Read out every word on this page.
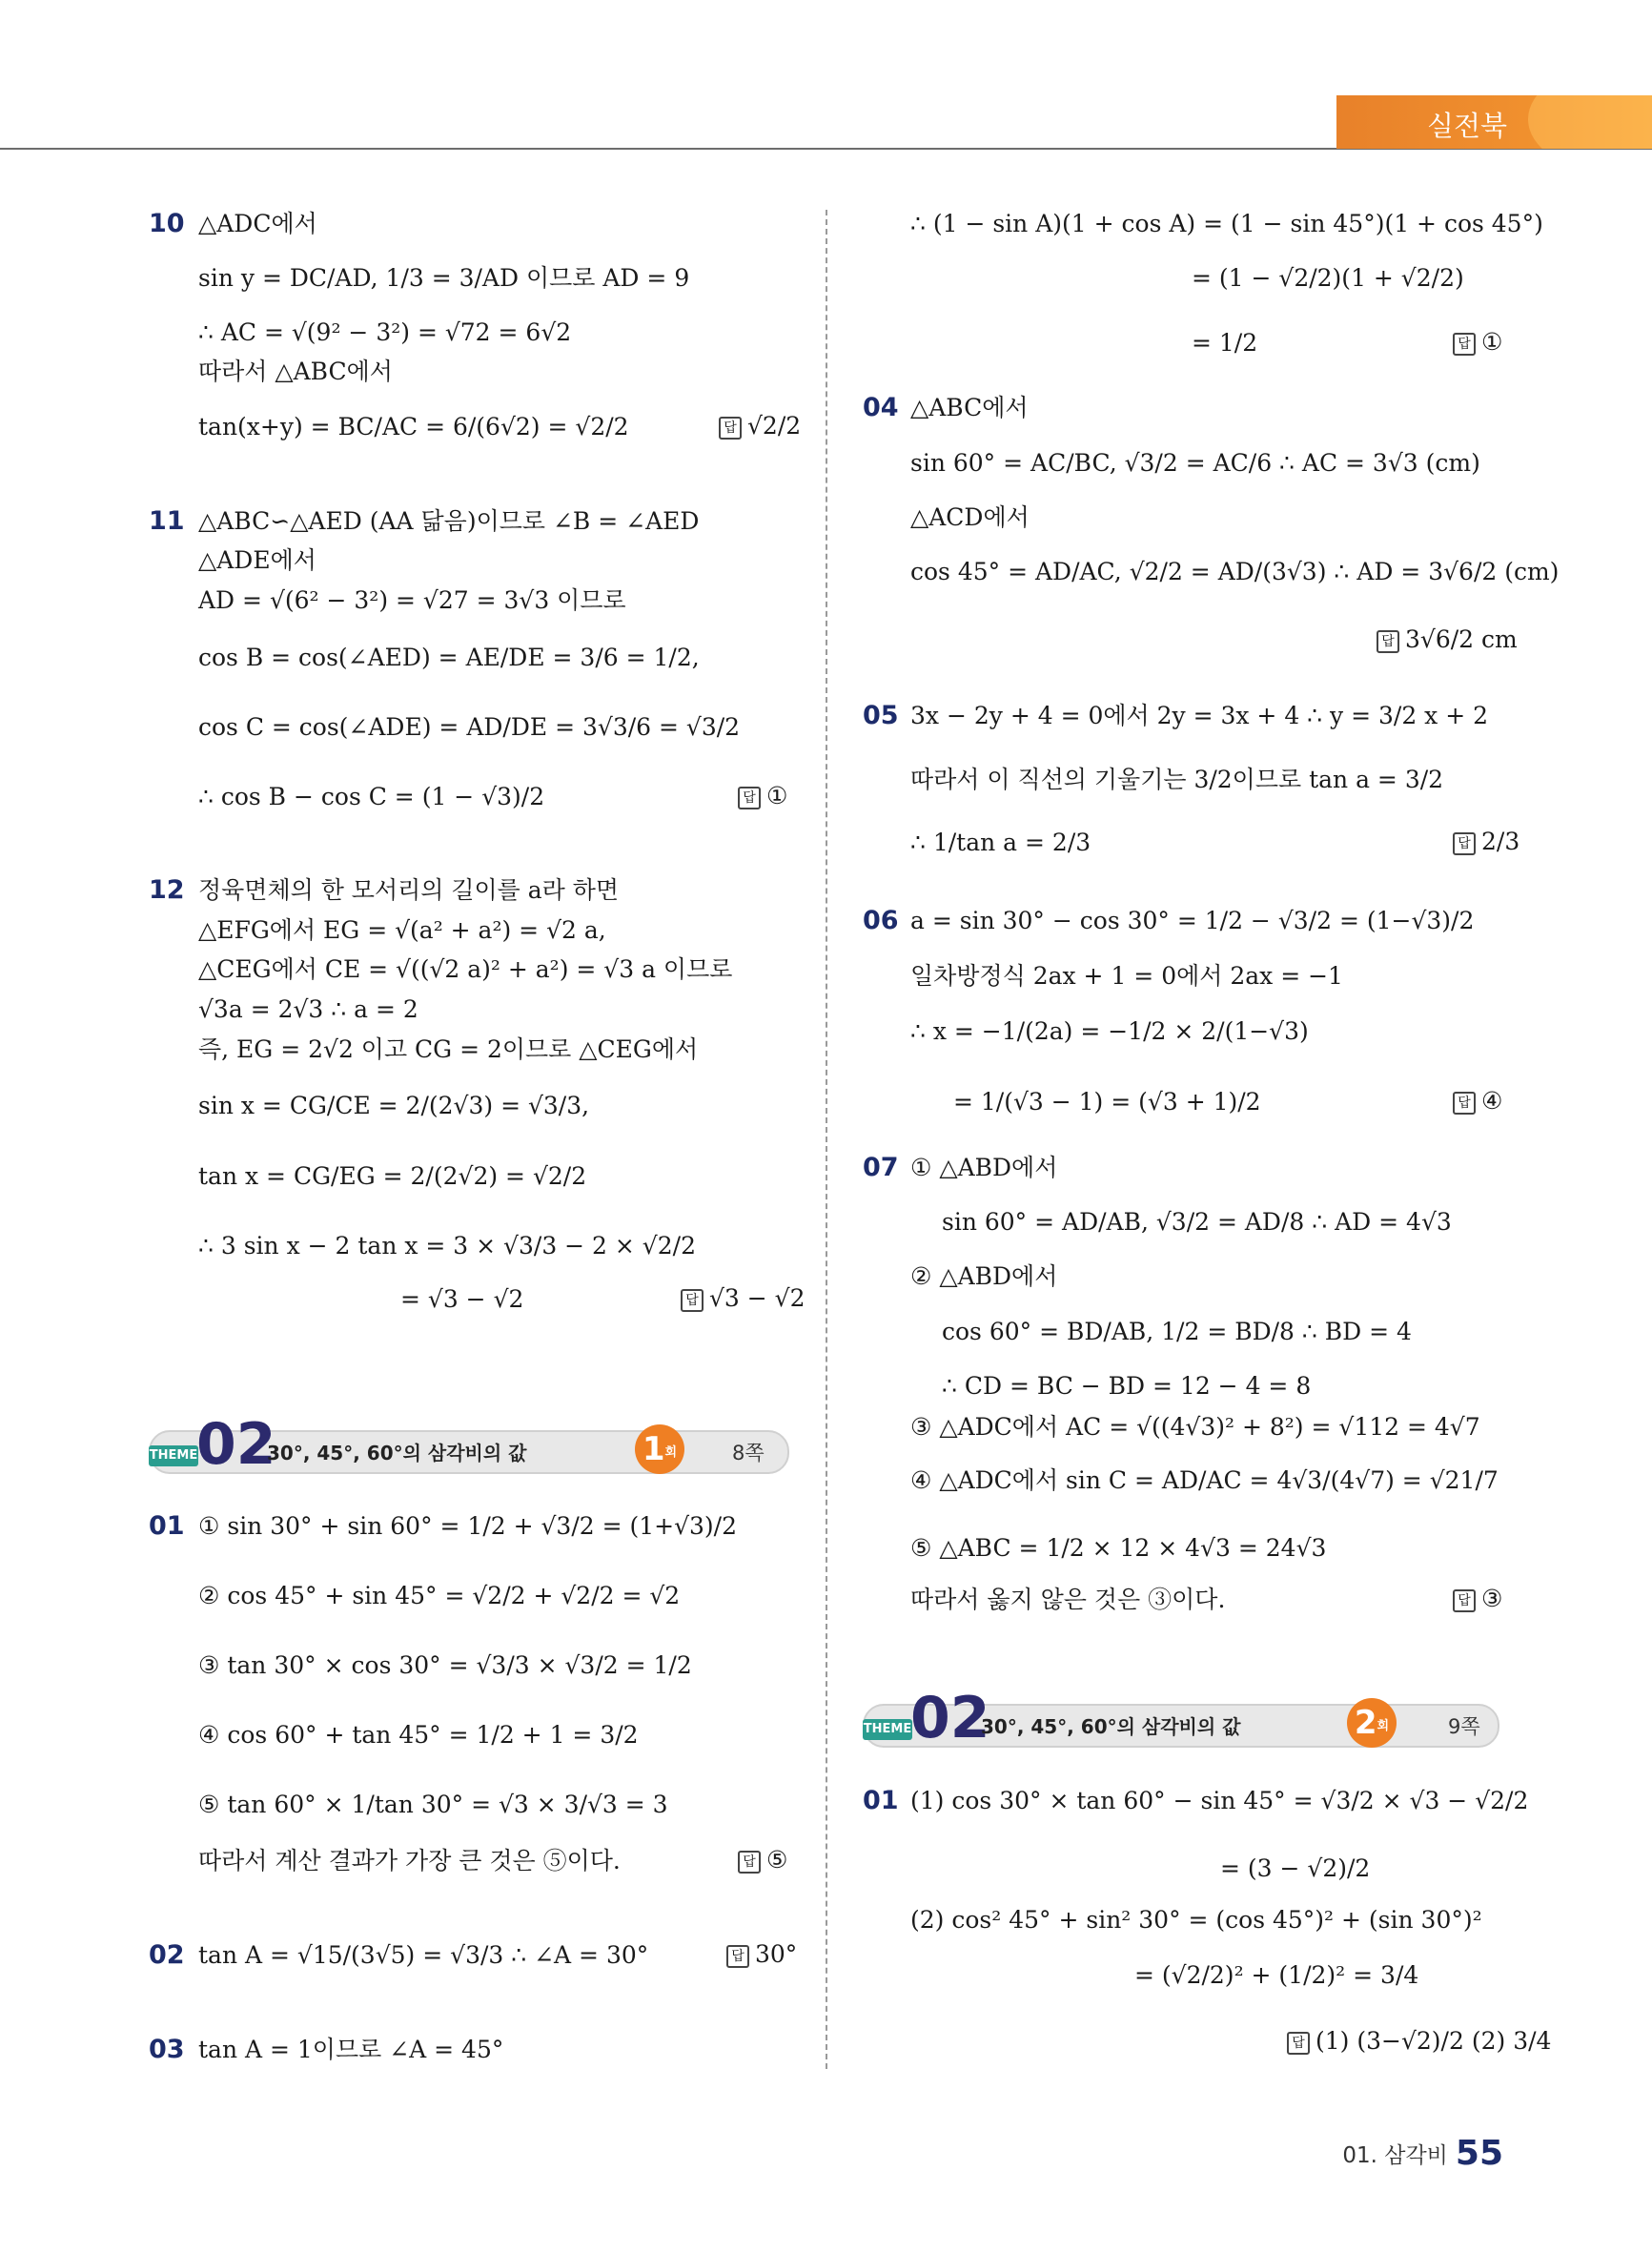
실전북
10 △ADC에서
sin y = DC/AD, 1/3 = 3/AD 이므로 AD = 9
∴ AC = √(9² − 3²) = √72 = 6√2
따라서 △ABC에서
tan(x+y) = BC/AC = 6/(6√2) = √2/2	답 √2/2
11 △ABC∽△AED (AA 닮음)이므로 ∠B = ∠AED
△ADE에서
AD = √(6² − 3²) = √27 = 3√3 이므로
cos B = cos(∠AED) = AE/DE = 3/6 = 1/2,
cos C = cos(∠ADE) = AD/DE = 3√3/6 = √3/2
∴ cos B − cos C = (1 − √3)/2	답 ①
12 정육면체의 한 모서리의 길이를 a라 하면
△EFG에서 EG = √(a² + a²) = √2 a,
△CEG에서 CE = √((√2 a)² + a²) = √3 a 이므로
√3a = 2√3 ∴ a = 2
즉, EG = 2√2 이고 CG = 2이므로 △CEG에서
sin x = CG/CE = 2/(2√3) = √3/3,
tan x = CG/EG = 2/(2√2) = √2/2
∴ 3 sin x − 2 tan x = 3 × √3/3 − 2 × √2/2
= √3 − √2	답 √3 − √2
THEME
02
30°, 45°, 60°의 삼각비의 값	1회	8쪽
01 ① sin 30° + sin 60° = 1/2 + √3/2 = (1+√3)/2
② cos 45° + sin 45° = √2/2 + √2/2 = √2
③ tan 30° × cos 30° = √3/3 × √3/2 = 1/2
④ cos 60° + tan 45° = 1/2 + 1 = 3/2
⑤ tan 60° × 1/tan 30° = √3 × 3/√3 = 3
따라서 계산 결과가 가장 큰 것은 ⑤이다.	답 ⑤
02 tan A = √15/(3√5) = √3/3 ∴ ∠A = 30°	답 30°
03 tan A = 1이므로 ∠A = 45°
∴ (1 − sin A)(1 + cos A) = (1 − sin 45°)(1 + cos 45°)
= (1 − √2/2)(1 + √2/2)
= 1/2	답 ①
04 △ABC에서
sin 60° = AC/BC, √3/2 = AC/6 ∴ AC = 3√3 (cm)
△ACD에서
cos 45° = AD/AC, √2/2 = AD/(3√3) ∴ AD = 3√6/2 (cm)
답 3√6/2 cm
05 3x − 2y + 4 = 0에서 2y = 3x + 4 ∴ y = 3/2 x + 2
따라서 이 직선의 기울기는 3/2이므로 tan a = 3/2
∴ 1/tan a = 2/3	답 2/3
06 a = sin 30° − cos 30° = 1/2 − √3/2 = (1−√3)/2
일차방정식 2ax + 1 = 0에서 2ax = −1
∴ x = −1/(2a) = −1/2 × 2/(1−√3)
= 1/(√3 − 1) = (√3 + 1)/2	답 ④
07 ① △ABD에서
sin 60° = AD/AB, √3/2 = AD/8 ∴ AD = 4√3
② △ABD에서
cos 60° = BD/AB, 1/2 = BD/8 ∴ BD = 4
∴ CD = BC − BD = 12 − 4 = 8
③ △ADC에서 AC = √((4√3)² + 8²) = √112 = 4√7
④ △ADC에서 sin C = AD/AC = 4√3/(4√7) = √21/7
⑤ △ABC = 1/2 × 12 × 4√3 = 24√3
따라서 옳지 않은 것은 ③이다.	답 ③
THEME
02
30°, 45°, 60°의 삼각비의 값	2회	9쪽
01 (1) cos 30° × tan 60° − sin 45° = √3/2 × √3 − √2/2
= (3 − √2)/2
(2) cos² 45° + sin² 30° = (cos 45°)² + (sin 30°)²
= (√2/2)² + (1/2)² = 3/4
답 (1) (3−√2)/2 (2) 3/4
01. 삼각비 55
